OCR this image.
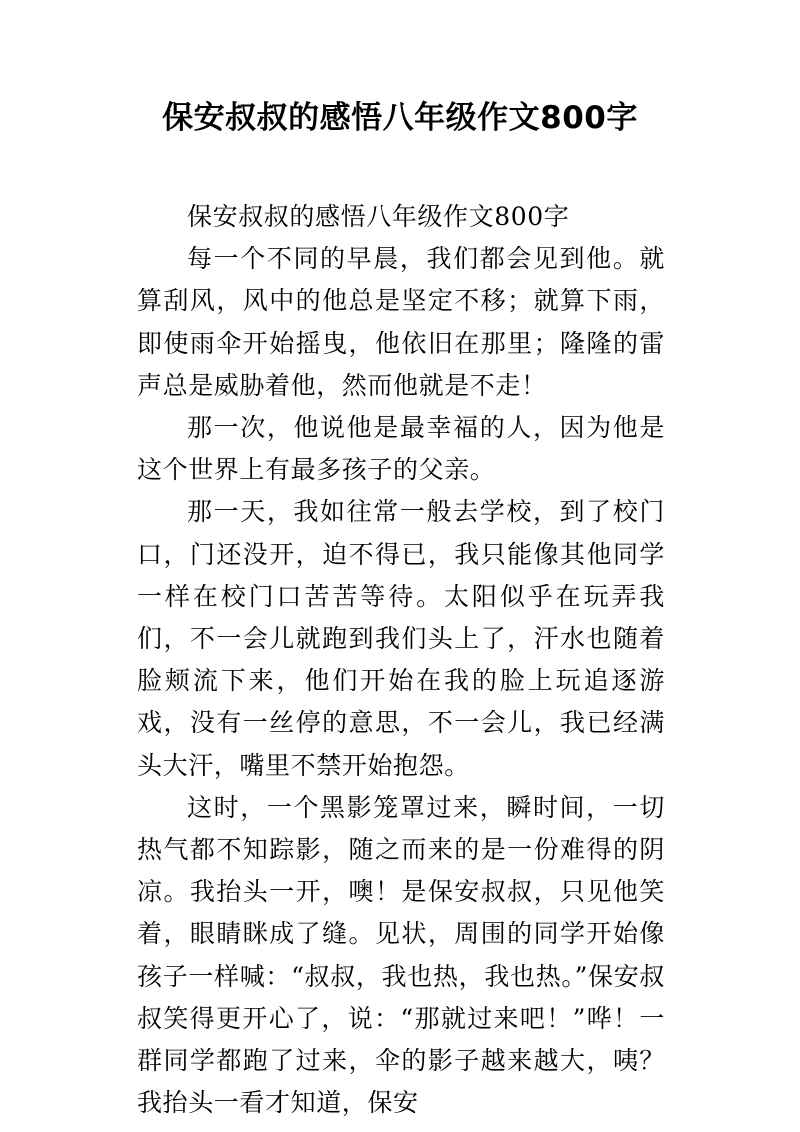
保安叔叔的感悟八年级作文800字

保安叔叔的感悟八年级作文800字

每一个不同的早晨，我们都会见到他。就算刮风，风中的他总是坚定不移；就算下雨，即使雨伞开始摇曳，他依旧在那里；隆隆的雷声总是威胁着他，然而他就是不走！

那一次，他说他是最幸福的人，因为他是这个世界上有最多孩子的父亲。

那一天，我如往常一般去学校，到了校门口，门还没开，迫不得已，我只能像其他同学一样在校门口苦苦等待。太阳似乎在玩弄我们，不一会儿就跑到我们头上了，汗水也随着脸颊流下来，他们开始在我的脸上玩追逐游戏，没有一丝停的意思，不一会儿，我已经满头大汗，嘴里不禁开始抱怨。

这时，一个黑影笼罩过来，瞬时间，一切热气都不知踪影，随之而来的是一份难得的阴凉。我抬头一开，噢！是保安叔叔，只见他笑着，眼睛眯成了缝。见状，周围的同学开始像孩子一样喊：“叔叔，我也热，我也热。”保安叔叔笑得更开心了，说：“那就过来吧！”哗！一群同学都跑了过来，伞的影子越来越大，咦？我抬头一看才知道，保安
